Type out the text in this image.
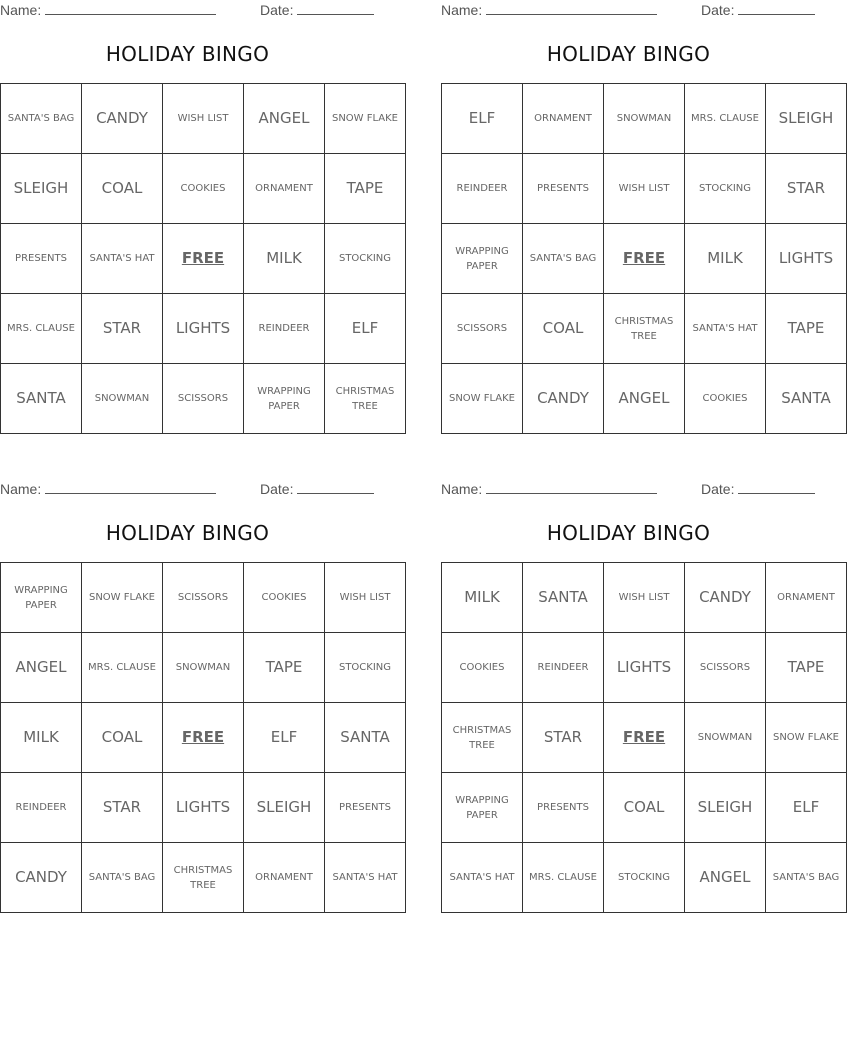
Name:	Date:
HOLIDAY BINGO
SANTA'S BAG	CANDY	WISH LIST	ANGEL	SNOW FLAKE
SLEIGH	COAL	COOKIES	ORNAMENT	TAPE
PRESENTS	SANTA'S HAT	FREE	MILK	STOCKING
MRS. CLAUSE	STAR	LIGHTS	REINDEER	ELF
SANTA	SNOWMAN	SCISSORS	WRAPPING PAPER	CHRISTMAS TREE
Name:	Date:
HOLIDAY BINGO
ELF	ORNAMENT	SNOWMAN	MRS. CLAUSE	SLEIGH
REINDEER	PRESENTS	WISH LIST	STOCKING	STAR
WRAPPING PAPER	SANTA'S BAG	FREE	MILK	LIGHTS
SCISSORS	COAL	CHRISTMAS TREE	SANTA'S HAT	TAPE
SNOW FLAKE	CANDY	ANGEL	COOKIES	SANTA
Name:	Date:
HOLIDAY BINGO
WRAPPING PAPER	SNOW FLAKE	SCISSORS	COOKIES	WISH LIST
ANGEL	MRS. CLAUSE	SNOWMAN	TAPE	STOCKING
MILK	COAL	FREE	ELF	SANTA
REINDEER	STAR	LIGHTS	SLEIGH	PRESENTS
CANDY	SANTA'S BAG	CHRISTMAS TREE	ORNAMENT	SANTA'S HAT
Name:	Date:
HOLIDAY BINGO
MILK	SANTA	WISH LIST	CANDY	ORNAMENT
COOKIES	REINDEER	LIGHTS	SCISSORS	TAPE
CHRISTMAS TREE	STAR	FREE	SNOWMAN	SNOW FLAKE
WRAPPING PAPER	PRESENTS	COAL	SLEIGH	ELF
SANTA'S HAT	MRS. CLAUSE	STOCKING	ANGEL	SANTA'S BAG
